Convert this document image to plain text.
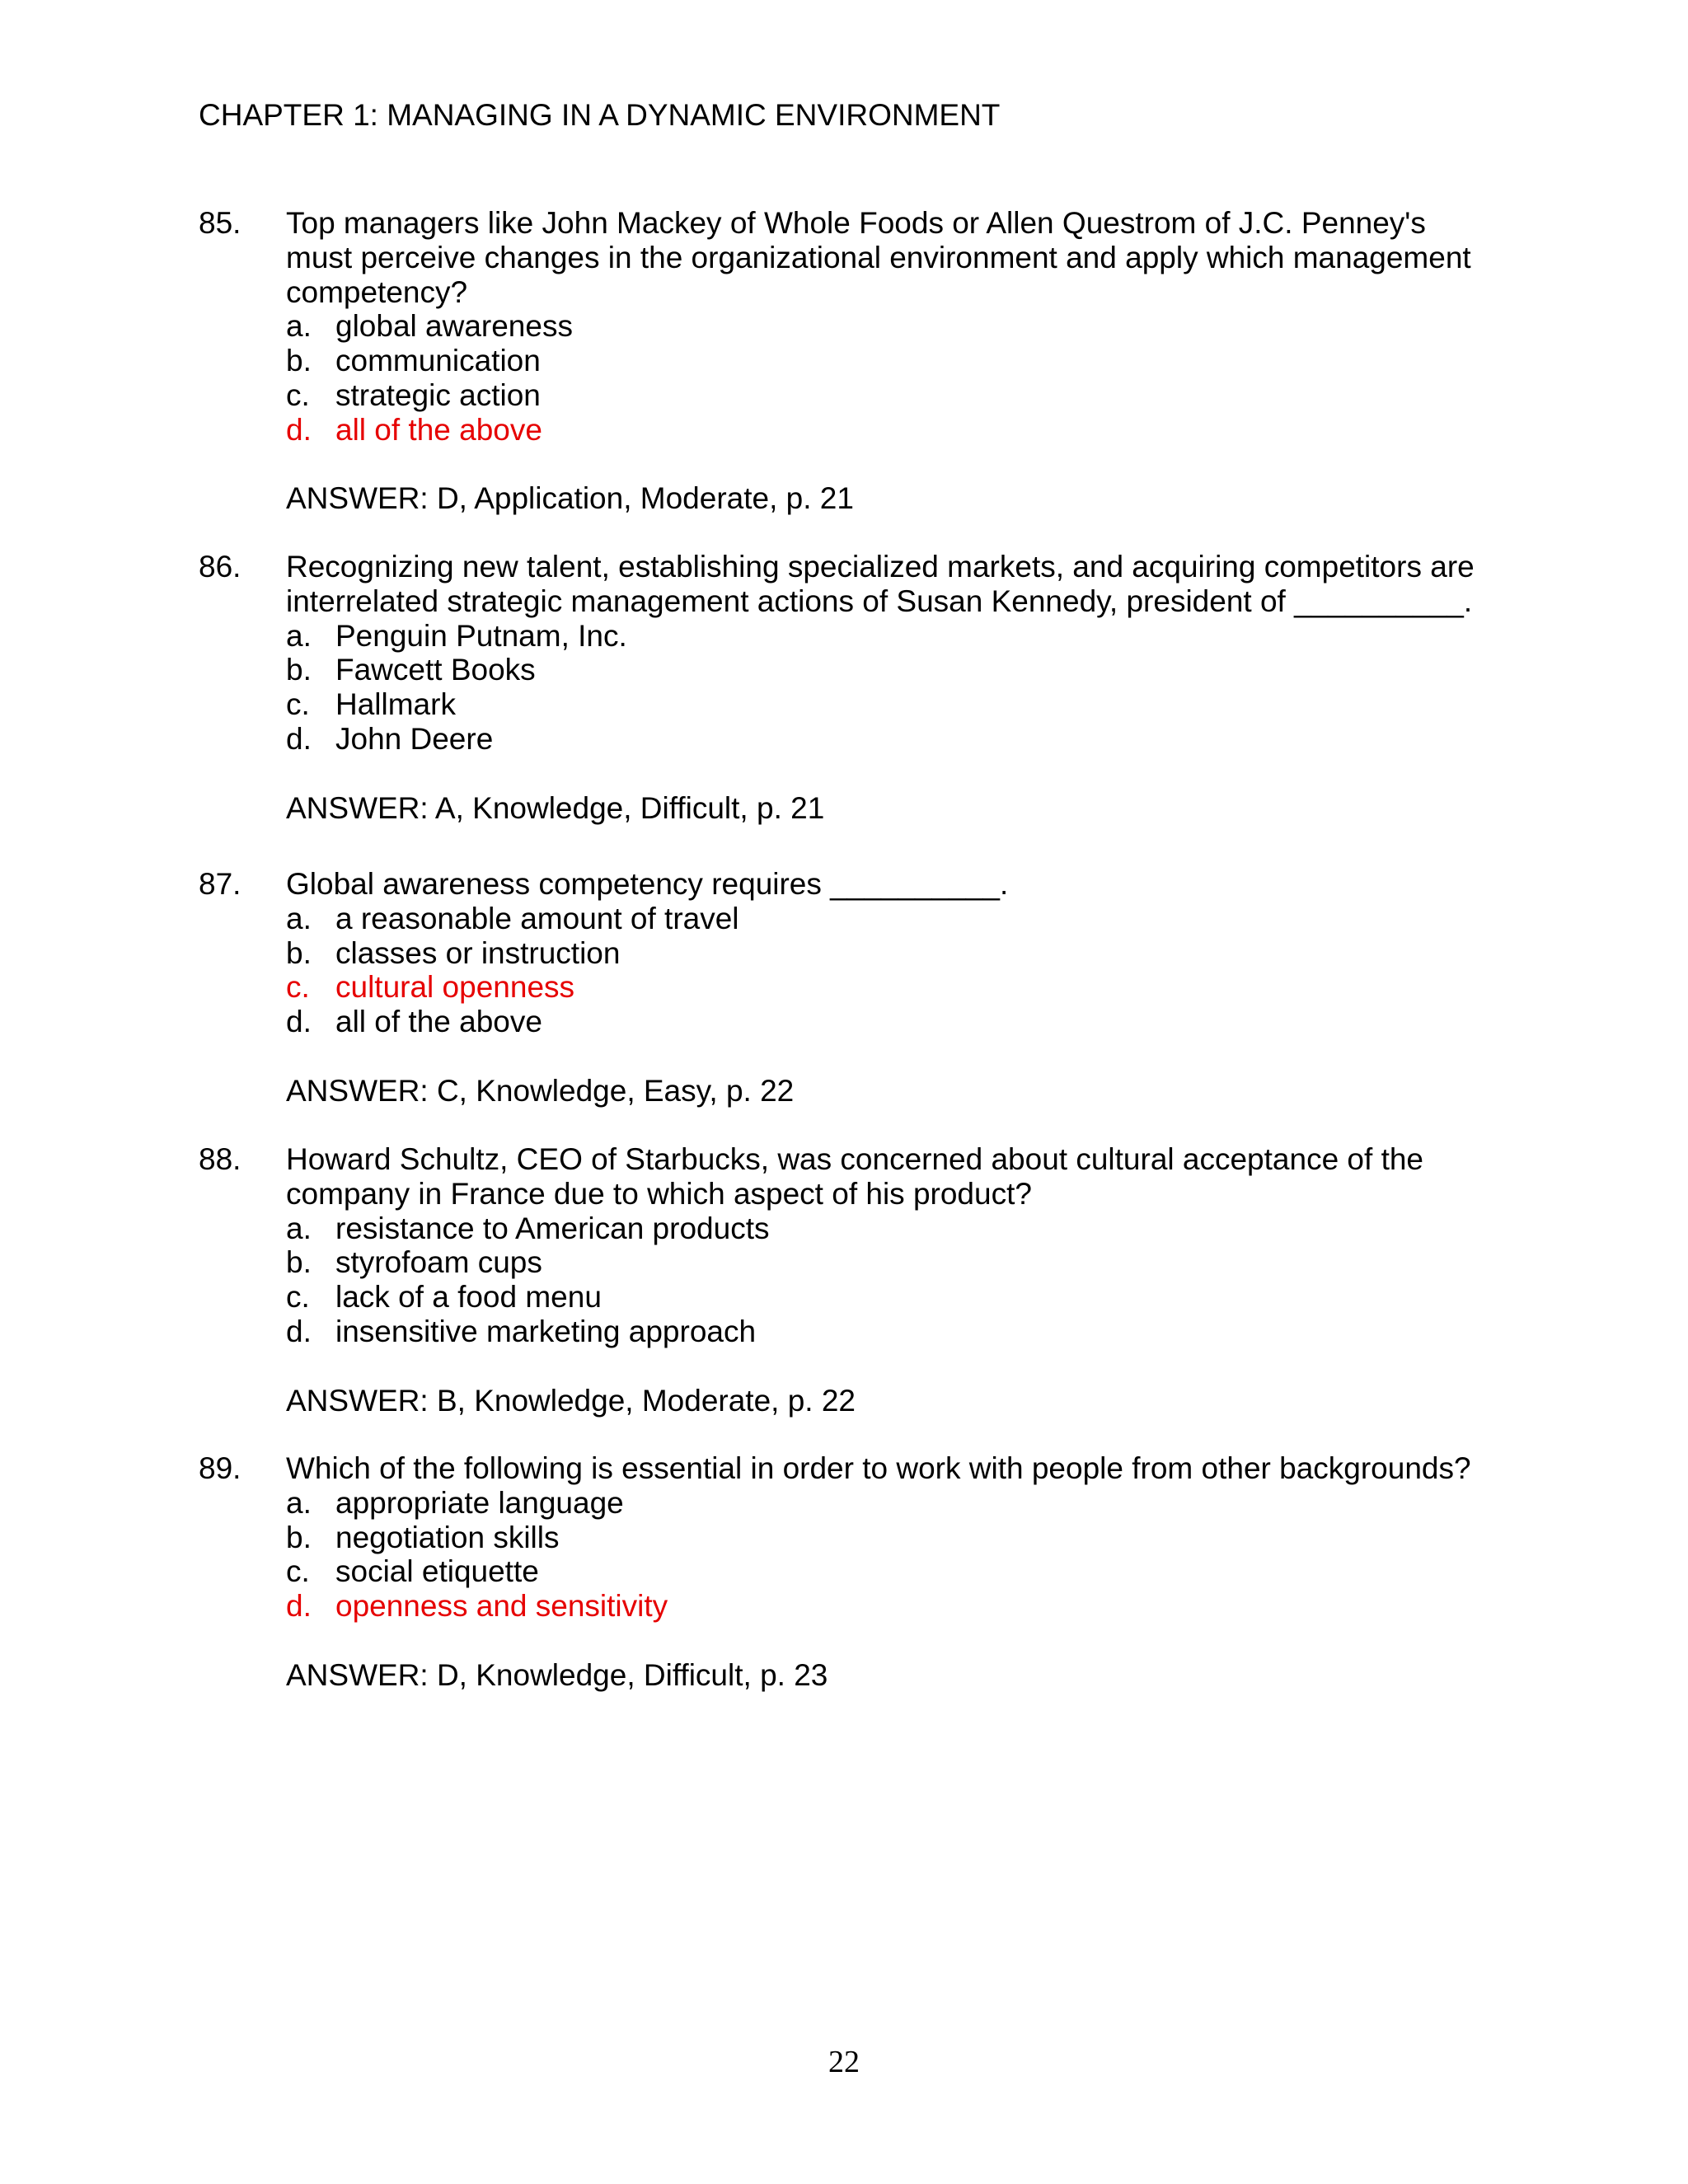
CHAPTER 1: MANAGING IN A DYNAMIC ENVIRONMENT
85. Top managers like John Mackey of Whole Foods or Allen Questrom of J.C. Penney's must perceive changes in the organizational environment and apply which management competency?
a. global awareness
b. communication
c. strategic action
d. all of the above
ANSWER: D, Application, Moderate, p. 21
86. Recognizing new talent, establishing specialized markets, and acquiring competitors are interrelated strategic management actions of Susan Kennedy, president of __________.
a. Penguin Putnam, Inc.
b. Fawcett Books
c. Hallmark
d. John Deere
ANSWER: A, Knowledge, Difficult, p. 21
87. Global awareness competency requires __________.
a. a reasonable amount of travel
b. classes or instruction
c. cultural openness
d. all of the above
ANSWER: C, Knowledge, Easy, p. 22
88. Howard Schultz, CEO of Starbucks, was concerned about cultural acceptance of the company in France due to which aspect of his product?
a. resistance to American products
b. styrofoam cups
c. lack of a food menu
d. insensitive marketing approach
ANSWER: B, Knowledge, Moderate, p. 22
89. Which of the following is essential in order to work with people from other backgrounds?
a. appropriate language
b. negotiation skills
c. social etiquette
d. openness and sensitivity
ANSWER: D, Knowledge, Difficult, p. 23
22
